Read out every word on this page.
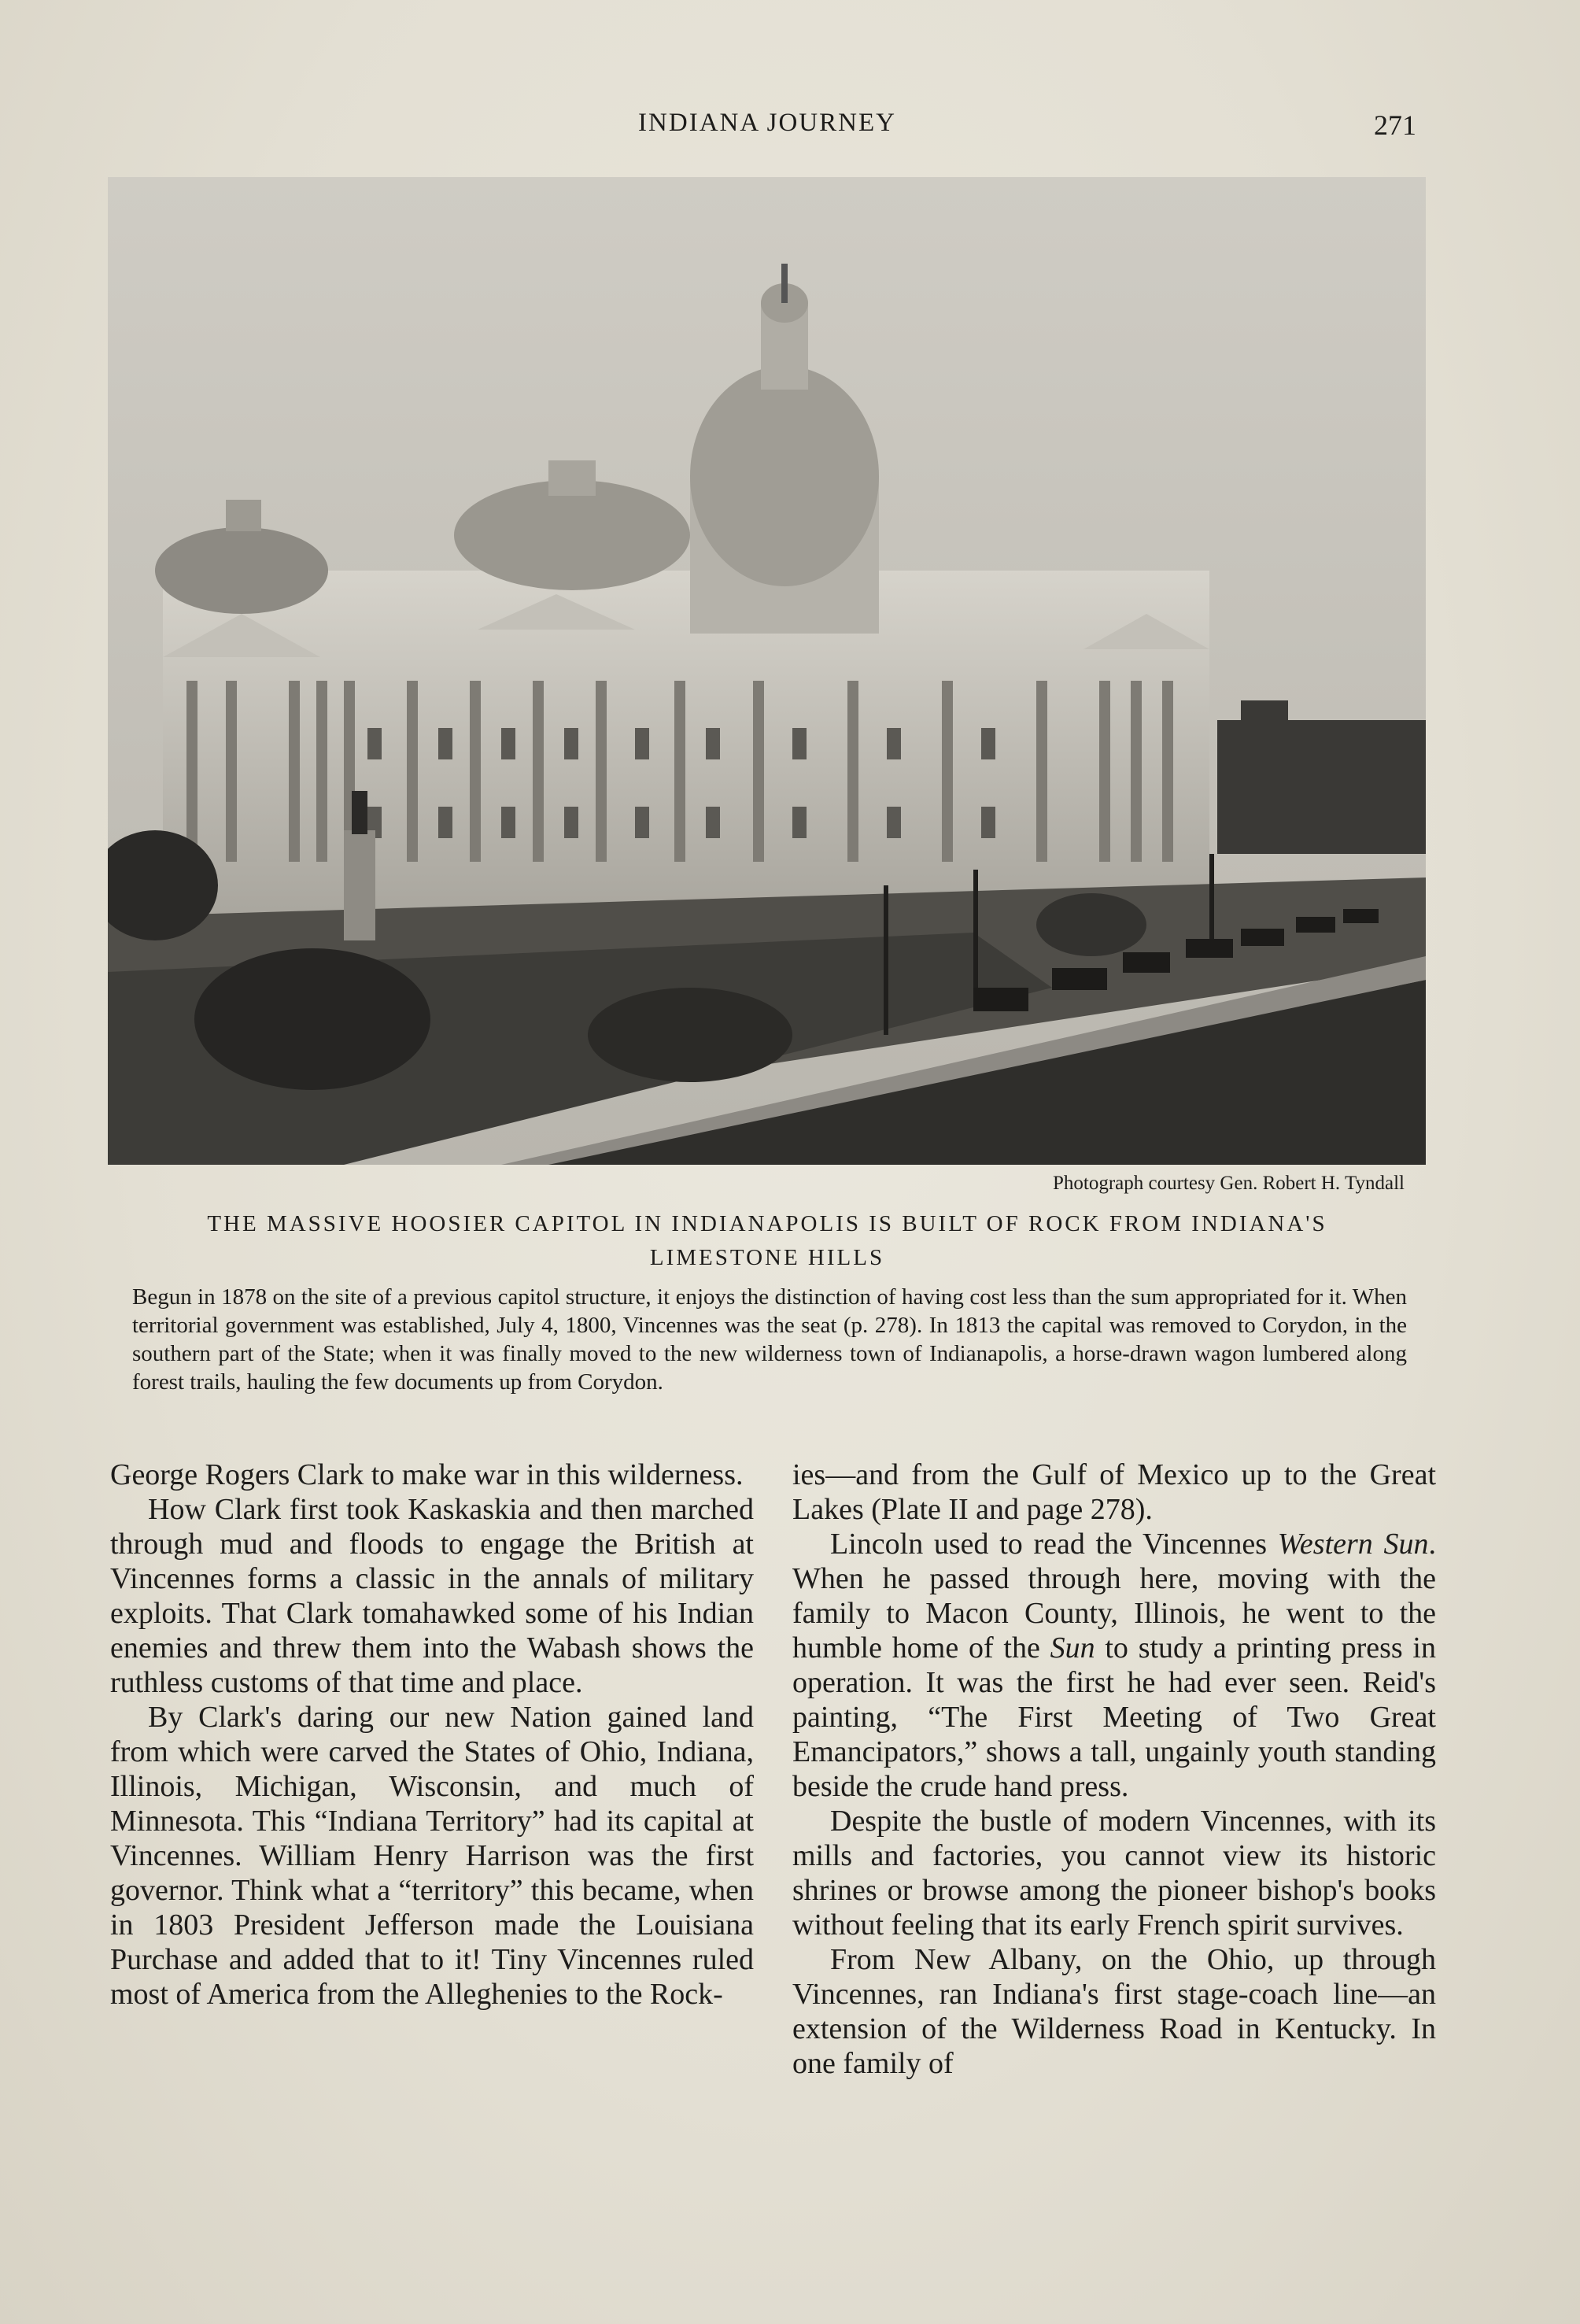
INDIANA JOURNEY	271
Photograph courtesy Gen. Robert H. Tyndall
THE MASSIVE HOOSIER CAPITOL IN INDIANAPOLIS IS BUILT OF ROCK FROM INDIANA'S LIMESTONE HILLS
Begun in 1878 on the site of a previous capitol structure, it enjoys the distinction of having cost less than the sum appropriated for it. When territorial government was established, July 4, 1800, Vincennes was the seat (p. 278). In 1813 the capital was removed to Corydon, in the southern part of the State; when it was finally moved to the new wilderness town of Indianapolis, a horse-drawn wagon lumbered along forest trails, hauling the few documents up from Corydon.

George Rogers Clark to make war in this wilderness.

How Clark first took Kaskaskia and then marched through mud and floods to engage the British at Vincennes forms a classic in the annals of military exploits. That Clark tomahawked some of his Indian enemies and threw them into the Wabash shows the ruthless customs of that time and place.

By Clark's daring our new Nation gained land from which were carved the States of Ohio, Indiana, Illinois, Michigan, Wisconsin, and much of Minnesota. This “Indiana Territory” had its capital at Vincennes. William Henry Harrison was the first governor. Think what a “territory” this became, when in 1803 President Jefferson made the Louisiana Purchase and added that to it! Tiny Vincennes ruled most of America from the Alleghenies to the Rock-

ies—and from the Gulf of Mexico up to the Great Lakes (Plate II and page 278).

Lincoln used to read the Vincennes Western Sun. When he passed through here, moving with the family to Macon County, Illinois, he went to the humble home of the Sun to study a printing press in operation. It was the first he had ever seen. Reid's painting, “The First Meeting of Two Great Emancipators,” shows a tall, ungainly youth standing beside the crude hand press.

Despite the bustle of modern Vincennes, with its mills and factories, you cannot view its historic shrines or browse among the pioneer bishop's books without feeling that its early French spirit survives.

From New Albany, on the Ohio, up through Vincennes, ran Indiana's first stage-coach line—an extension of the Wilderness Road in Kentucky. In one family of
